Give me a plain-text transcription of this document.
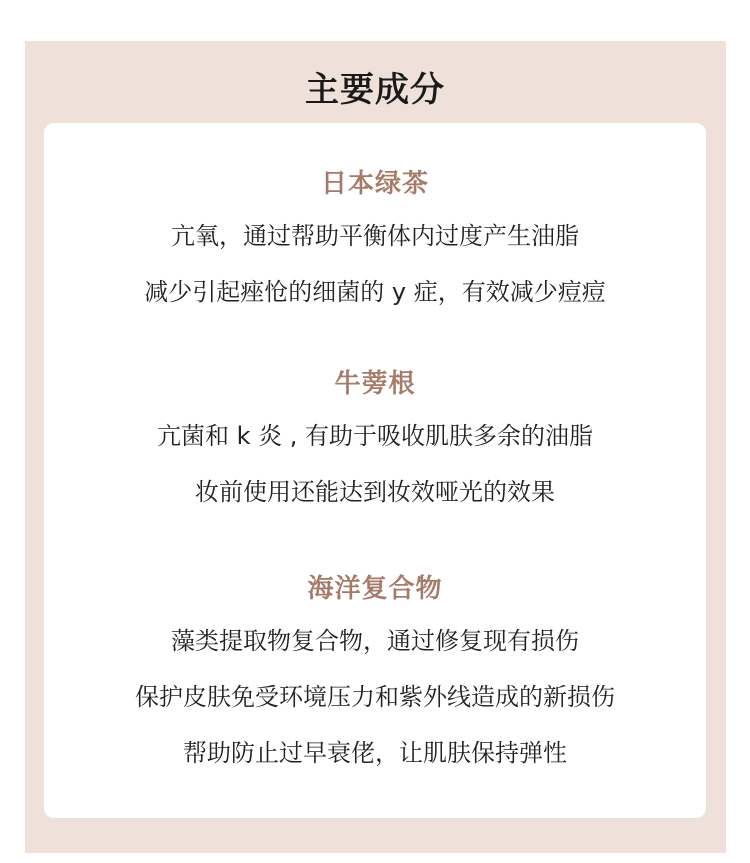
主要成分
日本绿茶
亢氧，通过帮助平衡体内过度产生油脂
减少引起痤怆的细菌的 y 症，有效减少痘痘
牛蒡根
亢菌和 k 炎 , 有助于吸收肌肤多余的油脂
妆前使用还能达到妆效哑光的效果
海洋复合物
藻类提取物复合物，通过修复现有损伤
保护皮肤免受环境压力和紫外线造成的新损伤
帮助防止过早衰佬，让肌肤保持弹性
